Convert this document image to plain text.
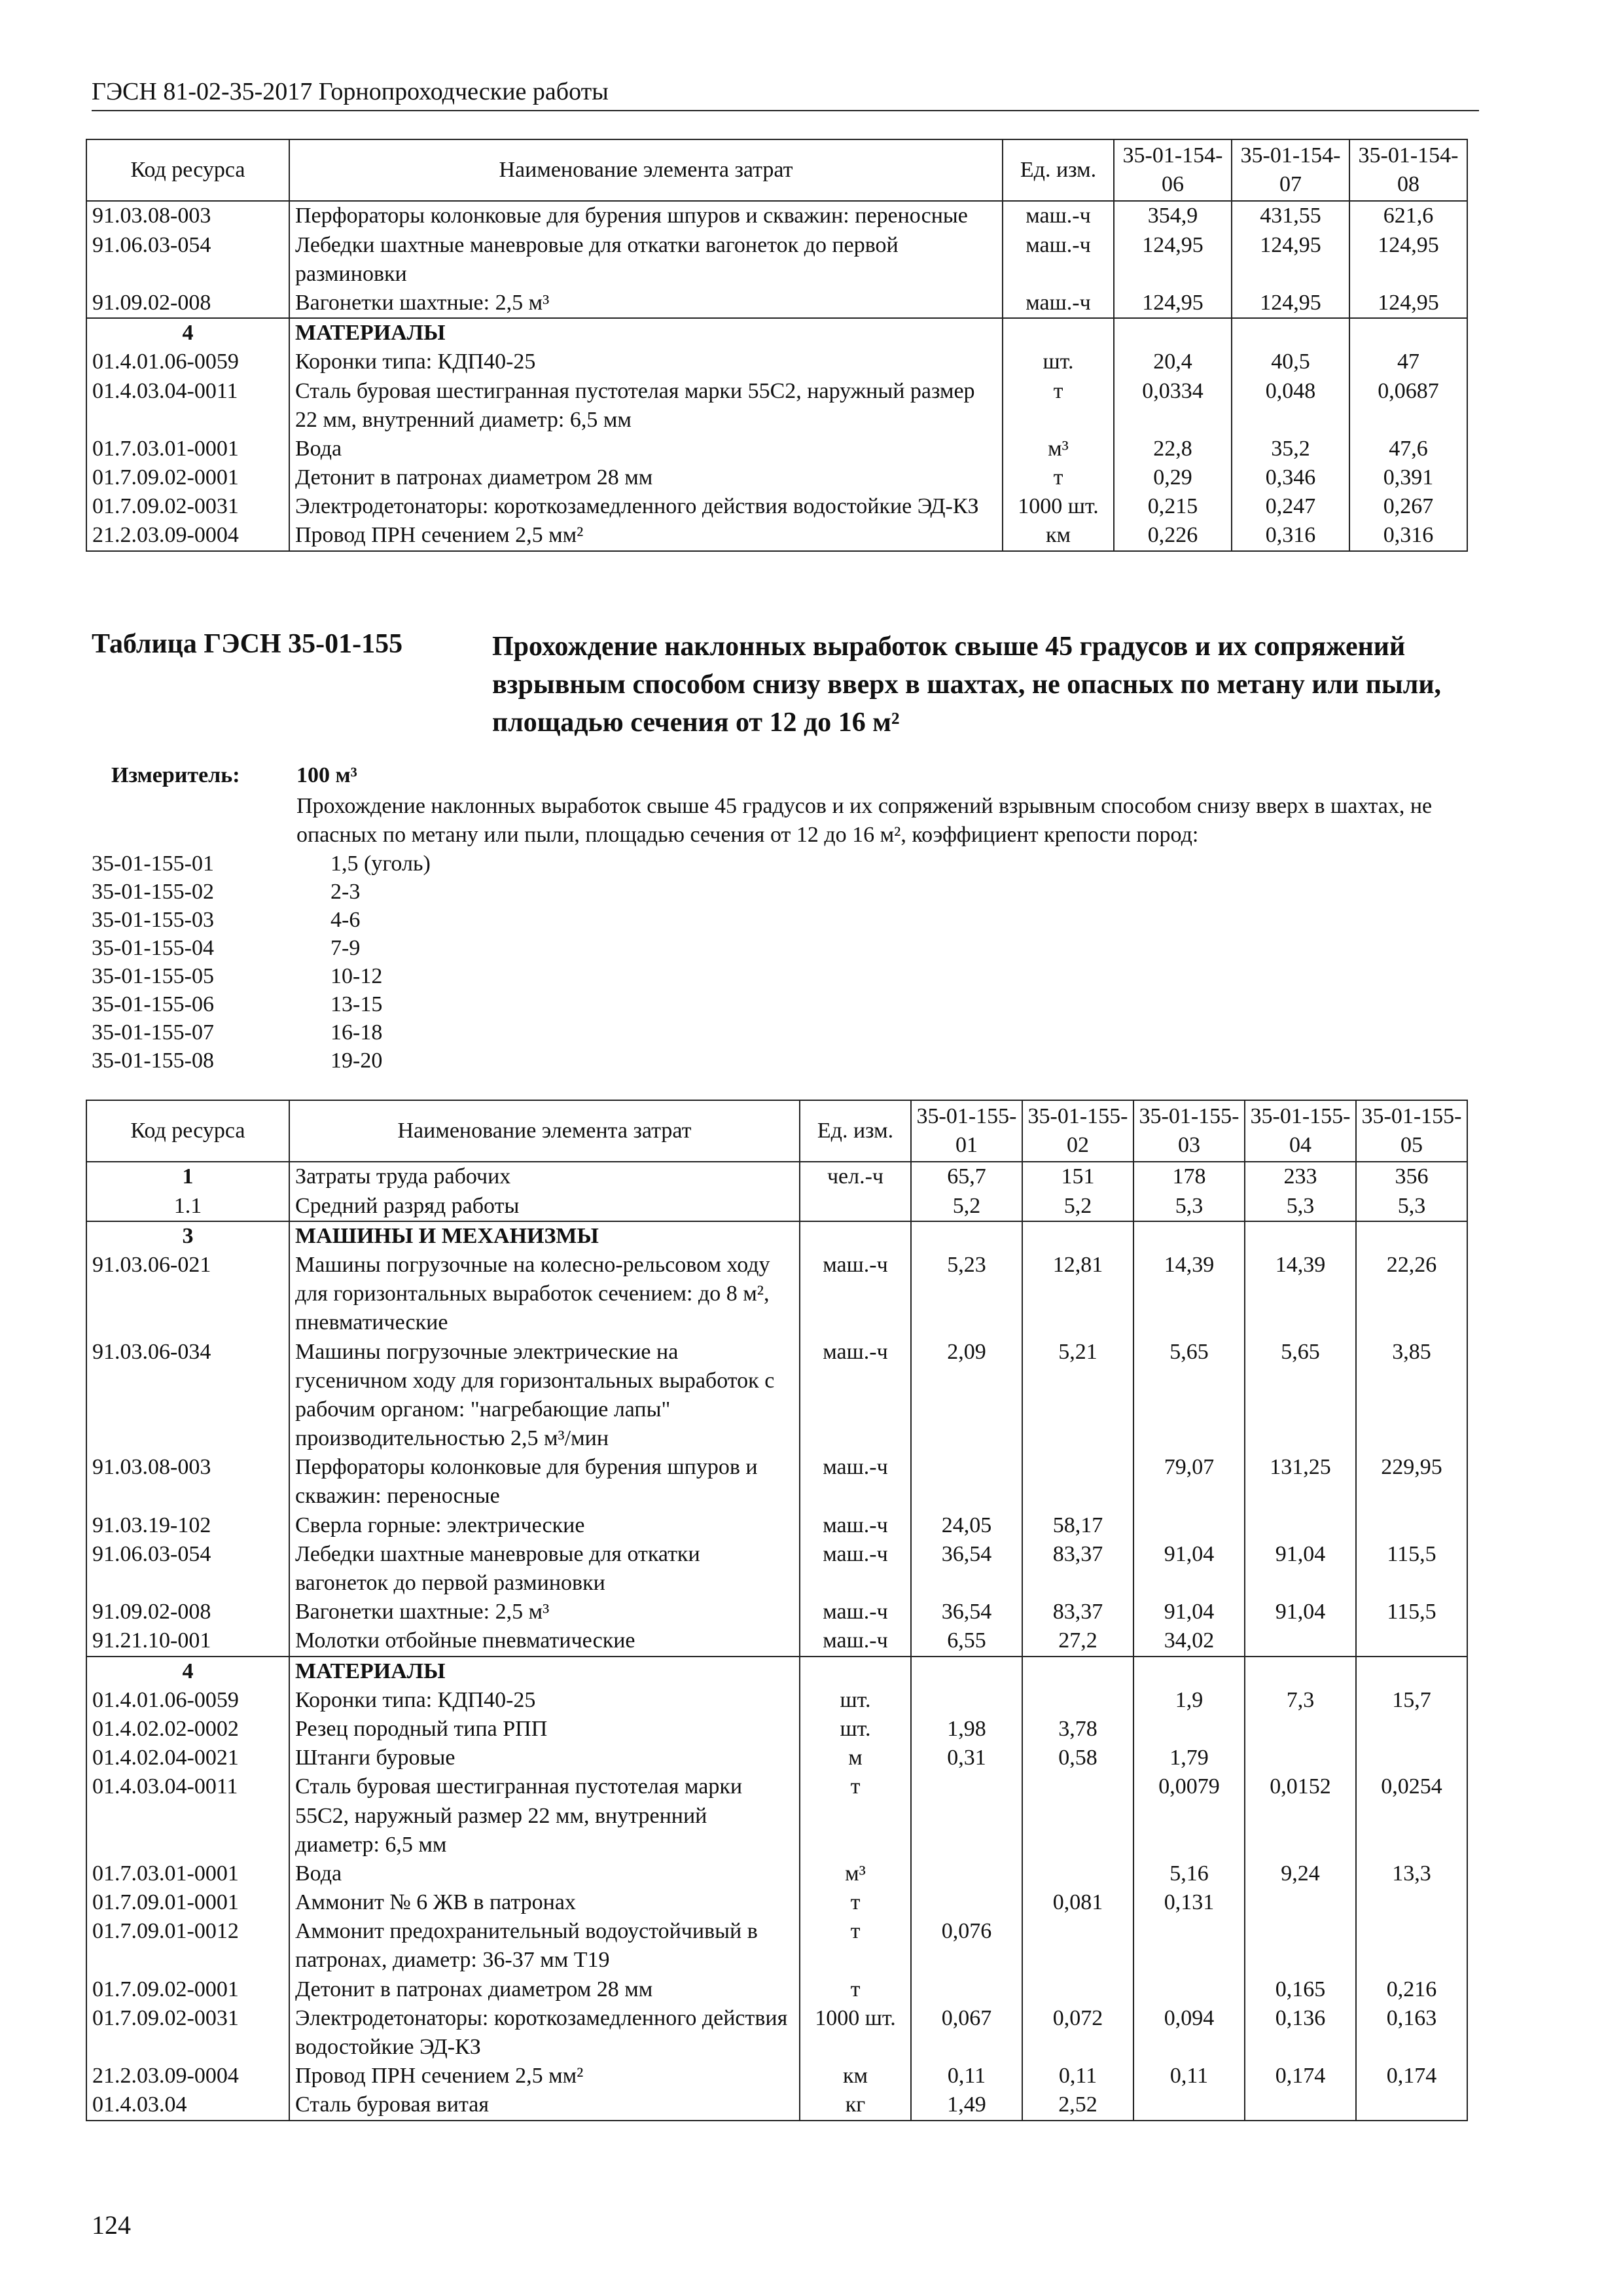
ГЭСН 81-02-35-2017 Горнопроходческие работы
Код ресурса	Наименование элемента затрат	Ед. изм.	35-01-154-06	35-01-154-07	35-01-154-08
91.03.08-003	Перфораторы колонковые для бурения шпуров и скважин: переносные	маш.-ч	354,9	431,55	621,6
91.06.03-054	Лебедки шахтные маневровые для откатки вагонеток до первой разминовки	маш.-ч	124,95	124,95	124,95
91.09.02-008	Вагонетки шахтные: 2,5 м³	маш.-ч	124,95	124,95	124,95
4	МАТЕРИАЛЫ				
01.4.01.06-0059	Коронки типа: КДП40-25	шт.	20,4	40,5	47
01.4.03.04-0011	Сталь буровая шестигранная пустотелая марки 55С2, наружный размер 22 мм, внутренний диаметр: 6,5 мм	т	0,0334	0,048	0,0687
01.7.03.01-0001	Вода	м³	22,8	35,2	47,6
01.7.09.02-0001	Детонит в патронах диаметром 28 мм	т	0,29	0,346	0,391
01.7.09.02-0031	Электродетонаторы: короткозамедленного действия водостойкие ЭД-КЗ	1000 шт.	0,215	0,247	0,267
21.2.03.09-0004	Провод ПРН сечением 2,5 мм²	км	0,226	0,316	0,316
Таблица ГЭСН 35-01-155	Прохождение наклонных выработок свыше 45 градусов и их сопряжений взрывным способом снизу вверх в шахтах, не опасных по метану или пыли, площадью сечения от 12 до 16 м²
Измеритель:	100 м³
Прохождение наклонных выработок свыше 45 градусов и их сопряжений взрывным способом снизу вверх в шахтах, не опасных по метану или пыли, площадью сечения от 12 до 16 м², коэффициент крепости пород:
35-01-155-01	1,5 (уголь)
35-01-155-02	2-3
35-01-155-03	4-6
35-01-155-04	7-9
35-01-155-05	10-12
35-01-155-06	13-15
35-01-155-07	16-18
35-01-155-08	19-20
Код ресурса	Наименование элемента затрат	Ед. изм.	35-01-155-01	35-01-155-02	35-01-155-03	35-01-155-04	35-01-155-05
1	Затраты труда рабочих	чел.-ч	65,7	151	178	233	356
1.1	Средний разряд работы		5,2	5,2	5,3	5,3	5,3
3	МАШИНЫ И МЕХАНИЗМЫ						
91.03.06-021	Машины погрузочные на колесно-рельсовом ходу для горизонтальных выработок сечением: до 8 м², пневматические	маш.-ч	5,23	12,81	14,39	14,39	22,26
91.03.06-034	Машины погрузочные электрические на гусеничном ходу для горизонтальных выработок с рабочим органом: "нагребающие лапы" производительностью 2,5 м³/мин	маш.-ч	2,09	5,21	5,65	5,65	3,85
91.03.08-003	Перфораторы колонковые для бурения шпуров и скважин: переносные	маш.-ч			79,07	131,25	229,95
91.03.19-102	Сверла горные: электрические	маш.-ч	24,05	58,17			
91.06.03-054	Лебедки шахтные маневровые для откатки вагонеток до первой разминовки	маш.-ч	36,54	83,37	91,04	91,04	115,5
91.09.02-008	Вагонетки шахтные: 2,5 м³	маш.-ч	36,54	83,37	91,04	91,04	115,5
91.21.10-001	Молотки отбойные пневматические	маш.-ч	6,55	27,2	34,02		
4	МАТЕРИАЛЫ						
01.4.01.06-0059	Коронки типа: КДП40-25	шт.			1,9	7,3	15,7
01.4.02.02-0002	Резец породный типа РПП	шт.	1,98	3,78			
01.4.02.04-0021	Штанги буровые	м	0,31	0,58	1,79		
01.4.03.04-0011	Сталь буровая шестигранная пустотелая марки 55С2, наружный размер 22 мм, внутренний диаметр: 6,5 мм	т			0,0079	0,0152	0,0254
01.7.03.01-0001	Вода	м³			5,16	9,24	13,3
01.7.09.01-0001	Аммонит № 6 ЖВ в патронах	т		0,081	0,131		
01.7.09.01-0012	Аммонит предохранительный водоустойчивый в патронах, диаметр: 36-37 мм Т19	т	0,076				
01.7.09.02-0001	Детонит в патронах диаметром 28 мм	т				0,165	0,216
01.7.09.02-0031	Электродетонаторы: короткозамедленного действия водостойкие ЭД-КЗ	1000 шт.	0,067	0,072	0,094	0,136	0,163
21.2.03.09-0004	Провод ПРН сечением 2,5 мм²	км	0,11	0,11	0,11	0,174	0,174
01.4.03.04	Сталь буровая витая	кг	1,49	2,52			
124
